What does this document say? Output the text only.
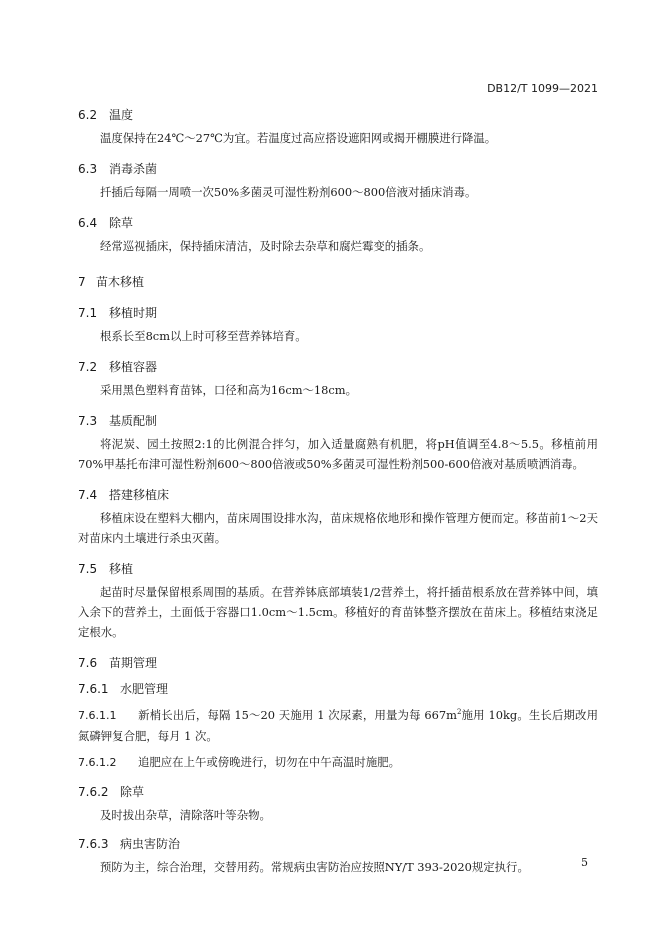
DB12/T 1099—2021
6.2 温度

温度保持在24℃～27℃为宜。若温度过高应搭设遮阳网或揭开棚膜进行降温。

6.3 消毒杀菌

扦插后每隔一周喷一次50%多菌灵可湿性粉剂600～800倍液对插床消毒。

6.4 除草

经常巡视插床，保持插床清洁，及时除去杂草和腐烂霉变的插条。

7 苗木移植
7.1 移植时期

根系长至8cm以上时可移至营养钵培育。

7.2 移植容器

采用黑色塑料育苗钵，口径和高为16cm～18cm。

7.3 基质配制

将泥炭、园土按照2:1的比例混合拌匀，加入适量腐熟有机肥，将pH值调至4.8～5.5。移植前用70%甲基托布津可湿性粉剂600～800倍液或50%多菌灵可湿性粉剂500-600倍液对基质喷洒消毒。

7.4 搭建移植床

移植床设在塑料大棚内，苗床周围设排水沟，苗床规格依地形和操作管理方便而定。移苗前1～2天对苗床内土壤进行杀虫灭菌。

7.5 移植

起苗时尽量保留根系周围的基质。在营养钵底部填装1/2营养土，将扦插苗根系放在营养钵中间，填入余下的营养土，土面低于容器口1.0cm～1.5cm。移植好的育苗钵整齐摆放在苗床上。移植结束浇足定根水。

7.6 苗期管理
7.6.1 水肥管理

7.6.1.1 新梢长出后，每隔 15～20 天施用 1 次尿素，用量为每 $667m^2$施用 10kg。生长后期改用氮磷钾复合肥，每月 1 次。

7.6.1.2 追肥应在上午或傍晚进行，切勿在中午高温时施肥。

7.6.2 除草

及时拔出杂草，清除落叶等杂物。

7.6.3 病虫害防治

预防为主，综合治理，交替用药。常规病虫害防治应按照NY/T 393-2020规定执行。	5
